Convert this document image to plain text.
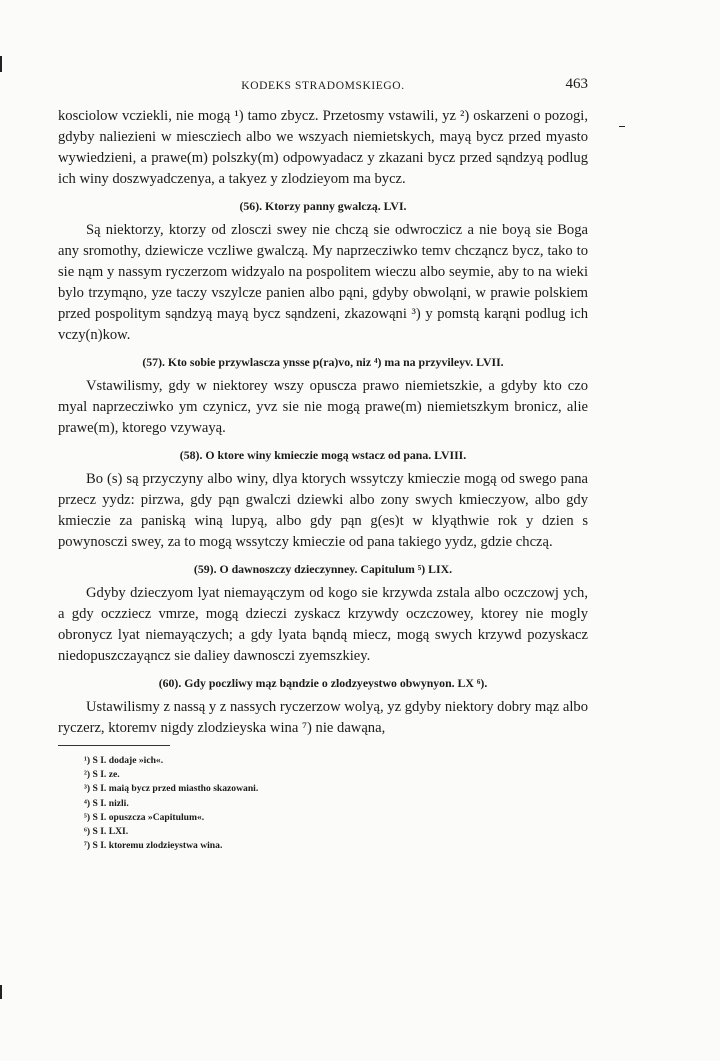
KODEKS STRADOMSKIEGO.	463

kosciolow vcziekli, nie mogą ¹) tamo zbycz. Przetosmy vstawili, yz ²) oskarzeni o pozogi, gdyby naliezieni w miescziech albo we wszyach niemietskych, mayą bycz przed myasto wywiedzieni, a prawe(m) polszky(m) odpowyadacz y zkazani bycz przed sąndzyą podlug ich winy doszwyadczenya, a takyez y zlodzieyom ma bycz.

(56). Ktorzy panny gwalczą. LVI.

Są niektorzy, ktorzy od zlosczi swey nie chczą sie odwroczicz a nie boyą sie Boga any sromothy, dziewicze vczliwe gwalczą. My naprzecziwko temv chcząncz bycz, tako to sie nąm y nassym ryczerzom widzyalo na pospolitem wieczu albo seymie, aby to na wieki bylo trzymąno, yze taczy vszylcze panien albo pąni, gdyby obwoląni, w prawie polskiem przed pospolitym sąndzyą mayą bycz sąndzeni, zkazowąni ³) y pomstą karąni podlug ich vczy(n)kow.

(57). Kto sobie przywlascza ynsse p(ra)vo, niz ⁴) ma na przyvileyv. LVII.

Vstawilismy, gdy w niektorey wszy opuscza prawo niemietszkie, a gdyby kto czo myal naprzecziwko ym czynicz, yvz sie nie mogą prawe(m) niemietszkym bronicz, alie prawe(m), ktorego vzywayą.

(58). O ktore winy kmieczie mogą wstacz od pana. LVIII.

Bo (s) są przyczyny albo winy, dlya ktorych wssytczy kmieczie mogą od swego pana przecz yydz: pirzwa, gdy pąn gwalczi dziewki albo zony swych kmieczyow, albo gdy kmieczie za paniską winą lupyą, albo gdy pąn g(es)t w klyąthwie rok y dzien s powynosczi swey, za to mogą wssytczy kmieczie od pana takiego yydz, gdzie chczą.

(59). O dawnoszczy dzieczynney. Capitulum ⁵) LIX.

Gdyby dzieczyom lyat niemayączym od kogo sie krzywda zstala albo oczczowj ych, a gdy oczziecz vmrze, mogą dzieczi zyskacz krzywdy oczczowey, ktorey nie mogly obronycz lyat niemayączych; a gdy lyata bąndą miecz, mogą swych krzywd pozyskacz niedopuszczayąncz sie daliey dawnosczi zyemszkiey.

(60). Gdy poczliwy mąz bąndzie o zlodzyeystwo obwynyon. LX ⁶).

Ustawilismy z nassą y z nassych ryczerzow wolyą, yz gdyby niektory dobry mąz albo ryczerz, ktoremv nigdy zlodzieyska wina ⁷) nie dawąna,

¹) S I. dodaje »ich«.
²) S I. ze.
³) S I. maią bycz przed miastho skazowani.
⁴) S I. nizli.
⁵) S I. opuszcza »Capitulum«.
⁶) S I. LXI.
⁷) S I. ktoremu zlodzieystwa wina.
